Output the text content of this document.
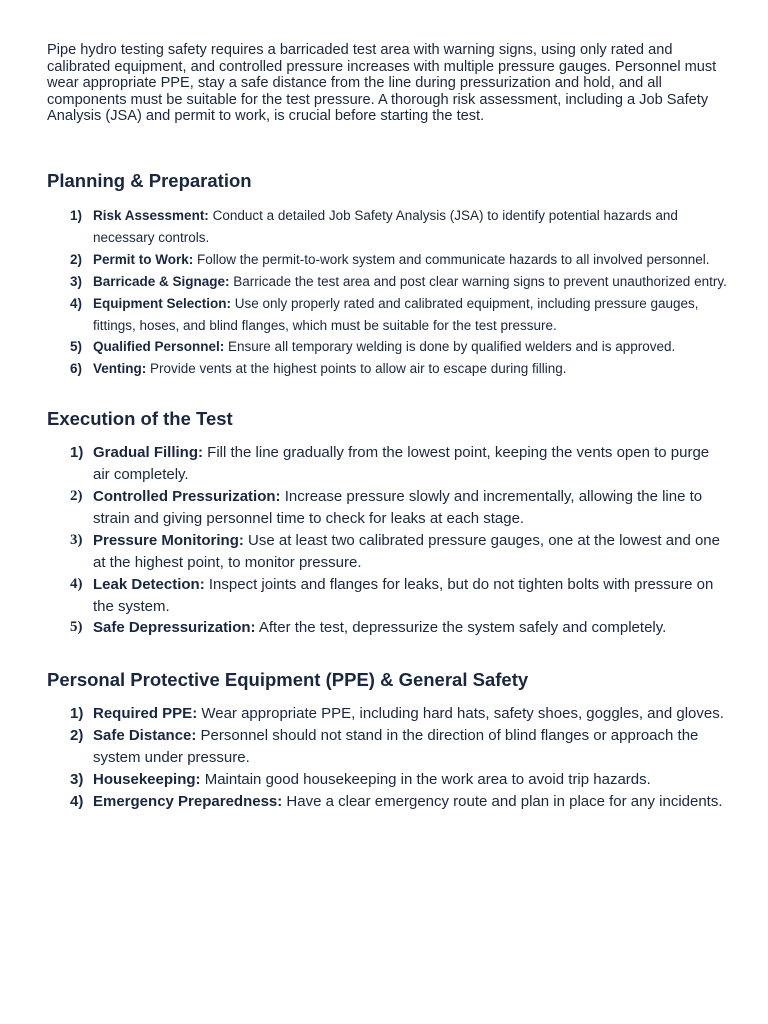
Pipe hydro testing safety requires a barricaded test area with warning signs, using only rated and calibrated equipment, and controlled pressure increases with multiple pressure gauges. Personnel must wear appropriate PPE, stay a safe distance from the line during pressurization and hold, and all components must be suitable for the test pressure. A thorough risk assessment, including a Job Safety Analysis (JSA) and permit to work, is crucial before starting the test.

Planning & Preparation
1) Risk Assessment: Conduct a detailed Job Safety Analysis (JSA) to identify potential hazards and necessary controls.
2) Permit to Work: Follow the permit-to-work system and communicate hazards to all involved personnel.
3) Barricade & Signage: Barricade the test area and post clear warning signs to prevent unauthorized entry.
4) Equipment Selection: Use only properly rated and calibrated equipment, including pressure gauges, fittings, hoses, and blind flanges, which must be suitable for the test pressure.
5) Qualified Personnel: Ensure all temporary welding is done by qualified welders and is approved.
6) Venting: Provide vents at the highest points to allow air to escape during filling.
Execution of the Test
1) Gradual Filling: Fill the line gradually from the lowest point, keeping the vents open to purge air completely.
2) Controlled Pressurization: Increase pressure slowly and incrementally, allowing the line to strain and giving personnel time to check for leaks at each stage.
3) Pressure Monitoring: Use at least two calibrated pressure gauges, one at the lowest and one at the highest point, to monitor pressure.
4) Leak Detection: Inspect joints and flanges for leaks, but do not tighten bolts with pressure on the system.
5) Safe Depressurization: After the test, depressurize the system safely and completely.
Personal Protective Equipment (PPE) & General Safety
1) Required PPE: Wear appropriate PPE, including hard hats, safety shoes, goggles, and gloves.
2) Safe Distance: Personnel should not stand in the direction of blind flanges or approach the system under pressure.
3) Housekeeping: Maintain good housekeeping in the work area to avoid trip hazards.
4) Emergency Preparedness: Have a clear emergency route and plan in place for any incidents.
